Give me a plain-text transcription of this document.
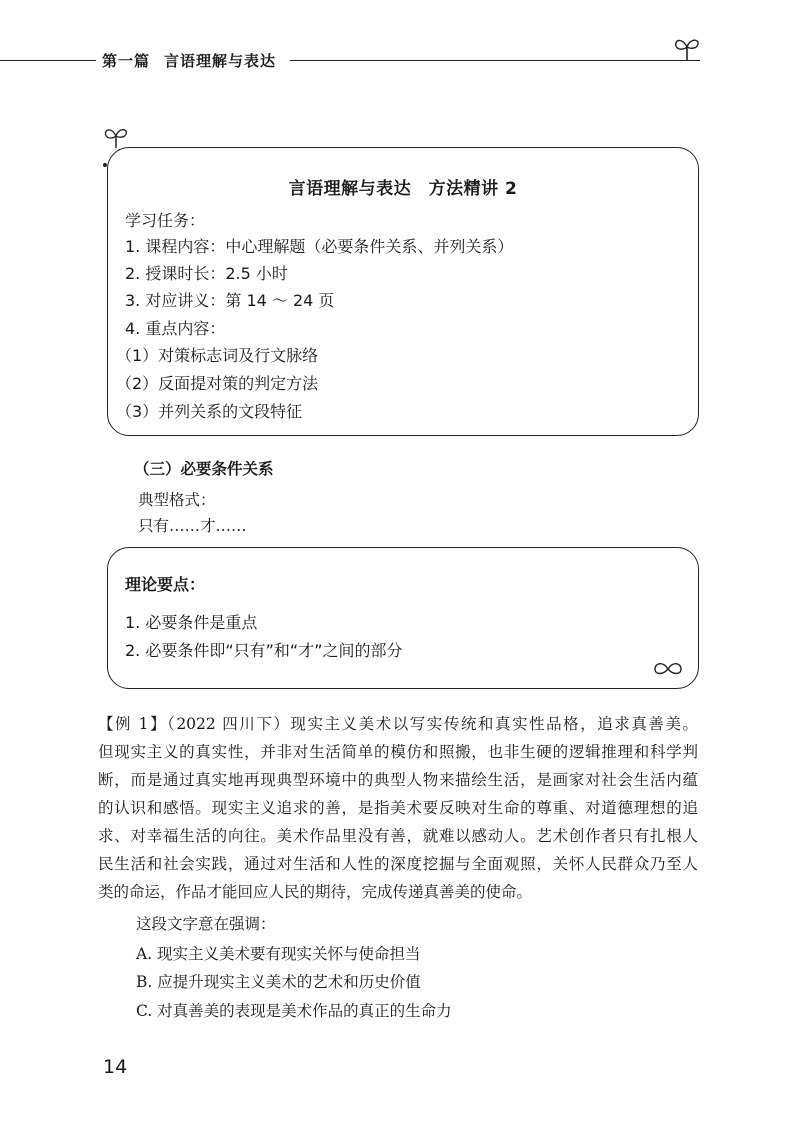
第一篇 言语理解与表达
言语理解与表达　方法精讲 2
学习任务：
1. 课程内容：中心理解题（必要条件关系、并列关系）
2. 授课时长：2.5 小时
3. 对应讲义：第 14 ～ 24 页
4. 重点内容：
（1）对策标志词及行文脉络
（2）反面提对策的判定方法
（3）并列关系的文段特征
（三）必要条件关系
典型格式：
只有……才……
理论要点：
1. 必要条件是重点
2. 必要条件即“只有”和“才”之间的部分
【例 1】（2022 四川下）现实主义美术以写实传统和真实性品格，追求真善美。
但现实主义的真实性，并非对生活简单的模仿和照搬，也非生硬的逻辑推理和科学判
断，而是通过真实地再现典型环境中的典型人物来描绘生活，是画家对社会生活内蕴
的认识和感悟。现实主义追求的善，是指美术要反映对生命的尊重、对道德理想的追
求、对幸福生活的向往。美术作品里没有善，就难以感动人。艺术创作者只有扎根人
民生活和社会实践，通过对生活和人性的深度挖掘与全面观照，关怀人民群众乃至人
类的命运，作品才能回应人民的期待，完成传递真善美的使命。
这段文字意在强调：
A. 现实主义美术要有现实关怀与使命担当
B. 应提升现实主义美术的艺术和历史价值
C. 对真善美的表现是美术作品的真正的生命力
14
